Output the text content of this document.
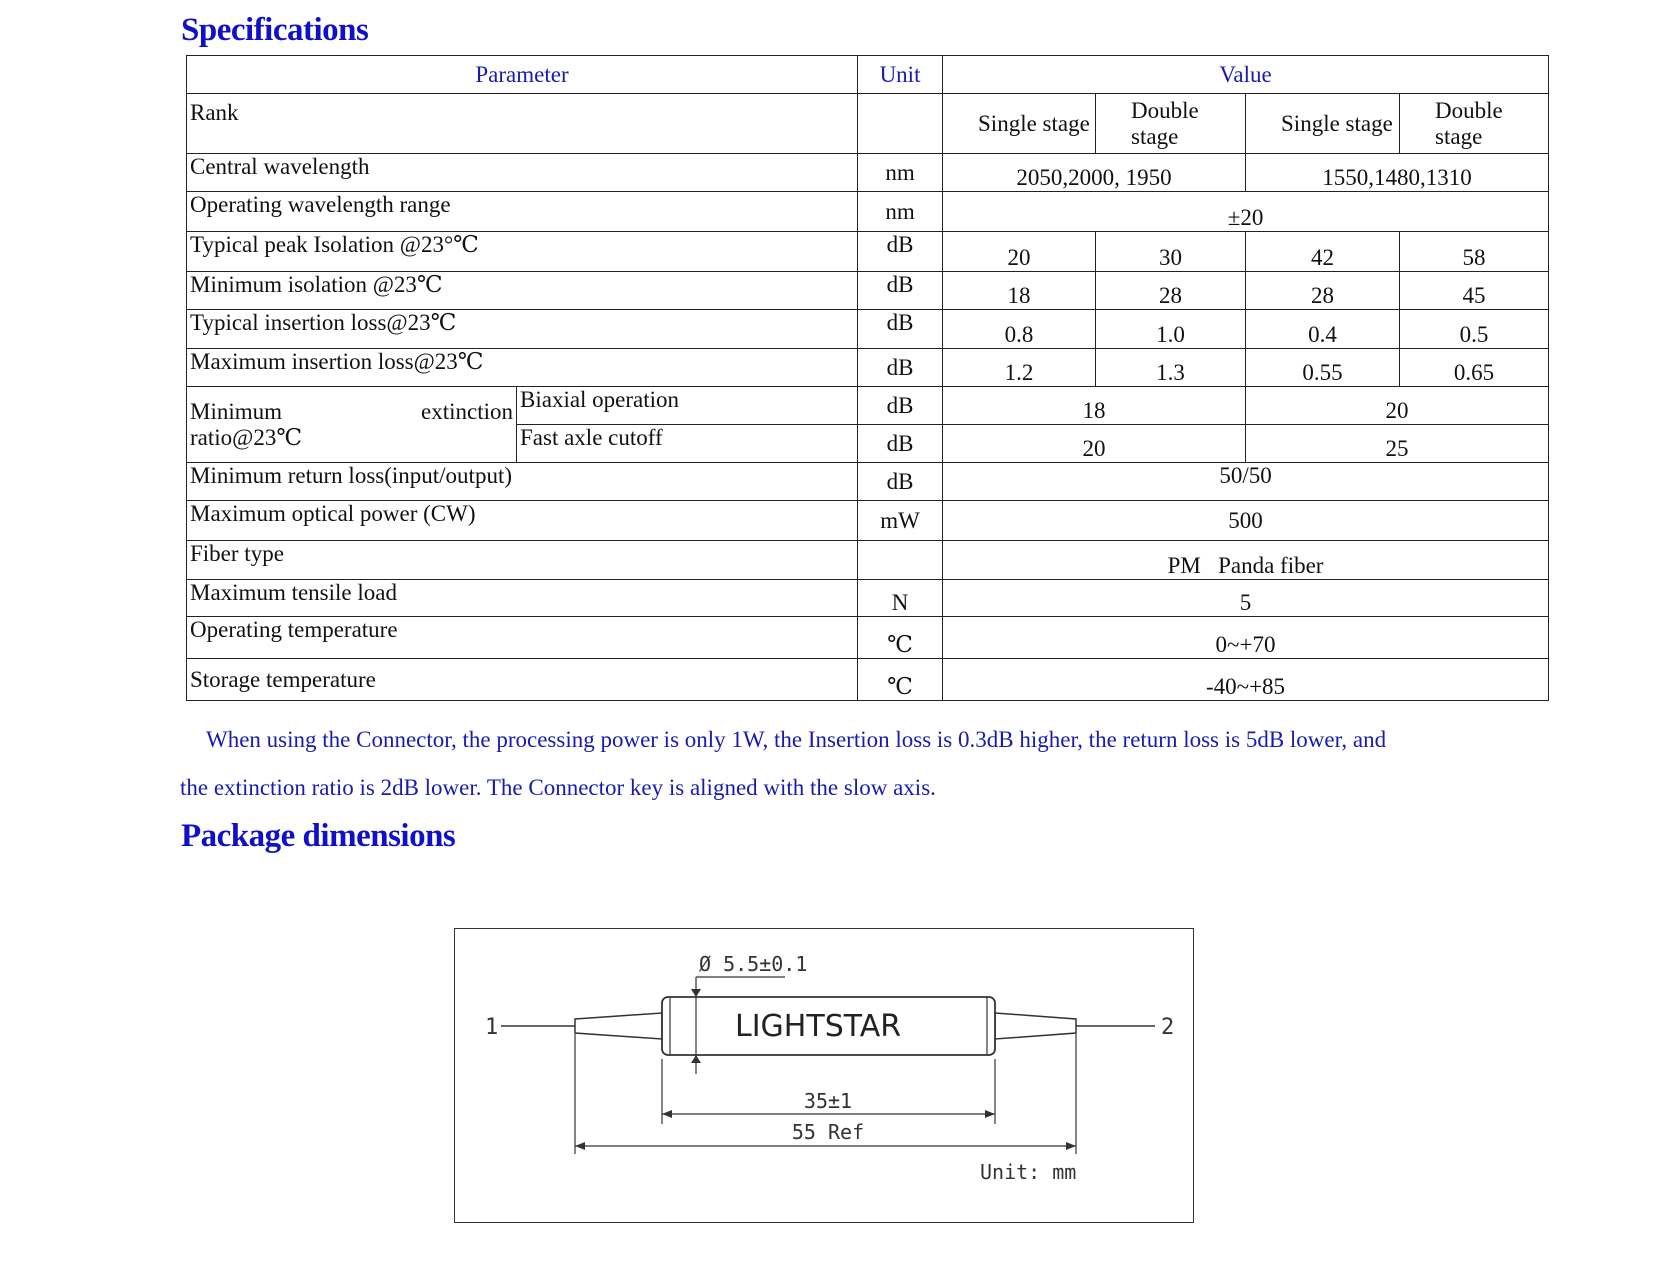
Specifications
Parameter		Unit	Value			
Rank			Single stage	Double stage	Single stage	Double stage
Central wavelength		nm	2050,2000, 1950		1550,1480,1310	
Operating wavelength range		nm	±20			
Typical peak Isolation @23°℃		dB	20	30	42	58
Minimum isolation @23℃		dB	18	28	28	45
Typical insertion loss@23℃		dB	0.8	1.0	0.4	0.5
Maximum insertion loss@23℃		dB	1.2	1.3	0.55	0.65

Minimum extinction
ratio@23℃	Biaxial operation	dB	18		20	
	Fast axle cutoff	dB	20		25	
Minimum return loss(input/output)		dB	50/50			
Maximum optical power (CW)		mW	500			
Fiber type			PM   Panda fiber			
Maximum tensile load		N	5			
Operating temperature		℃	0~+70			
Storage temperature		℃	-40~+85			

When using the Connector, the processing power is only 1W, the Insertion loss is 0.3dB higher, the return loss is 5dB lower, and

the extinction ratio is 2dB lower. The Connector key is aligned with the slow axis.

Package dimensions
1	2
Ø 5.5±0.1
LIGHTSTAR
35±1
55 Ref
Unit: mm
